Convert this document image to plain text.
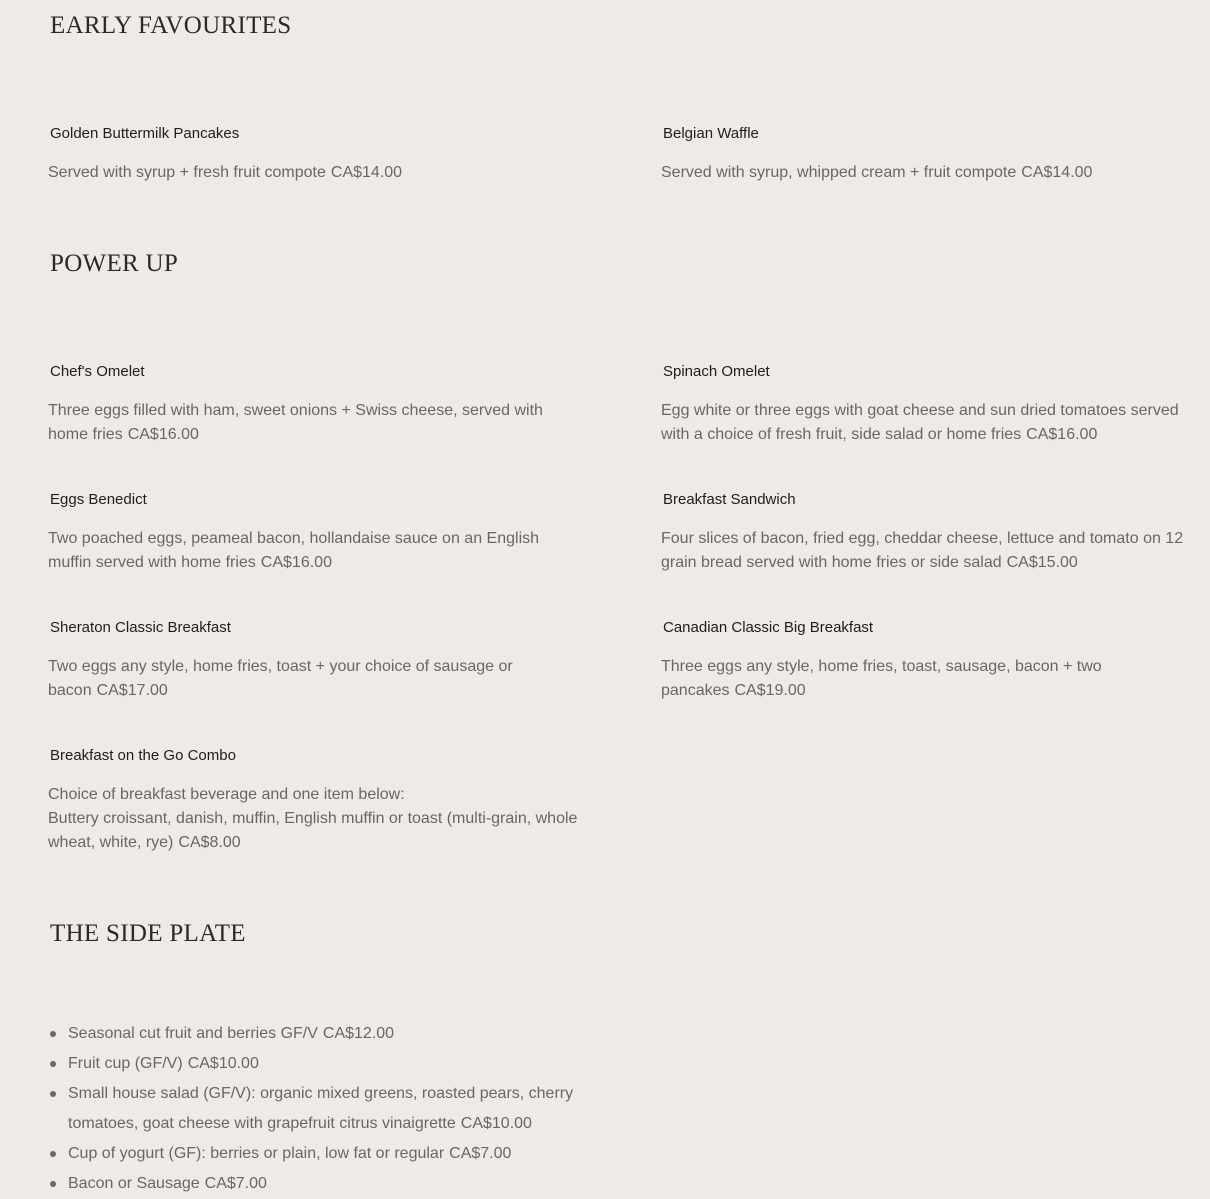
EARLY FAVOURITES
Golden Buttermilk Pancakes

Served with syrup + fresh fruit compote CA$14.00

Belgian Waffle

Served with syrup, whipped cream + fruit compote CA$14.00

POWER UP
Chef's Omelet

Three eggs filled with ham, sweet onions + Swiss cheese, served with home fries CA$16.00

Spinach Omelet

Egg white or three eggs with goat cheese and sun dried tomatoes served with a choice of fresh fruit, side salad or home fries CA$16.00

Eggs Benedict

Two poached eggs, peameal bacon, hollandaise sauce on an English muffin served with home fries CA$16.00

Breakfast Sandwich

Four slices of bacon, fried egg, cheddar cheese, lettuce and tomato on 12 grain bread served with home fries or side salad CA$15.00

Sheraton Classic Breakfast

Two eggs any style, home fries, toast + your choice of sausage or bacon CA$17.00

Canadian Classic Big Breakfast

Three eggs any style, home fries, toast, sausage, bacon + two pancakes CA$19.00

Breakfast on the Go Combo

Choice of breakfast beverage and one item below:
Buttery croissant, danish, muffin, English muffin or toast (multi-grain, whole wheat, white, rye) CA$8.00

THE SIDE PLATE
Seasonal cut fruit and berries GF/V CA$12.00
Fruit cup (GF/V) CA$10.00
Small house salad (GF/V): organic mixed greens, roasted pears, cherry tomatoes, goat cheese with grapefruit citrus vinaigrette CA$10.00
Cup of yogurt (GF): berries or plain, low fat or regular CA$7.00
Bacon or Sausage CA$7.00
